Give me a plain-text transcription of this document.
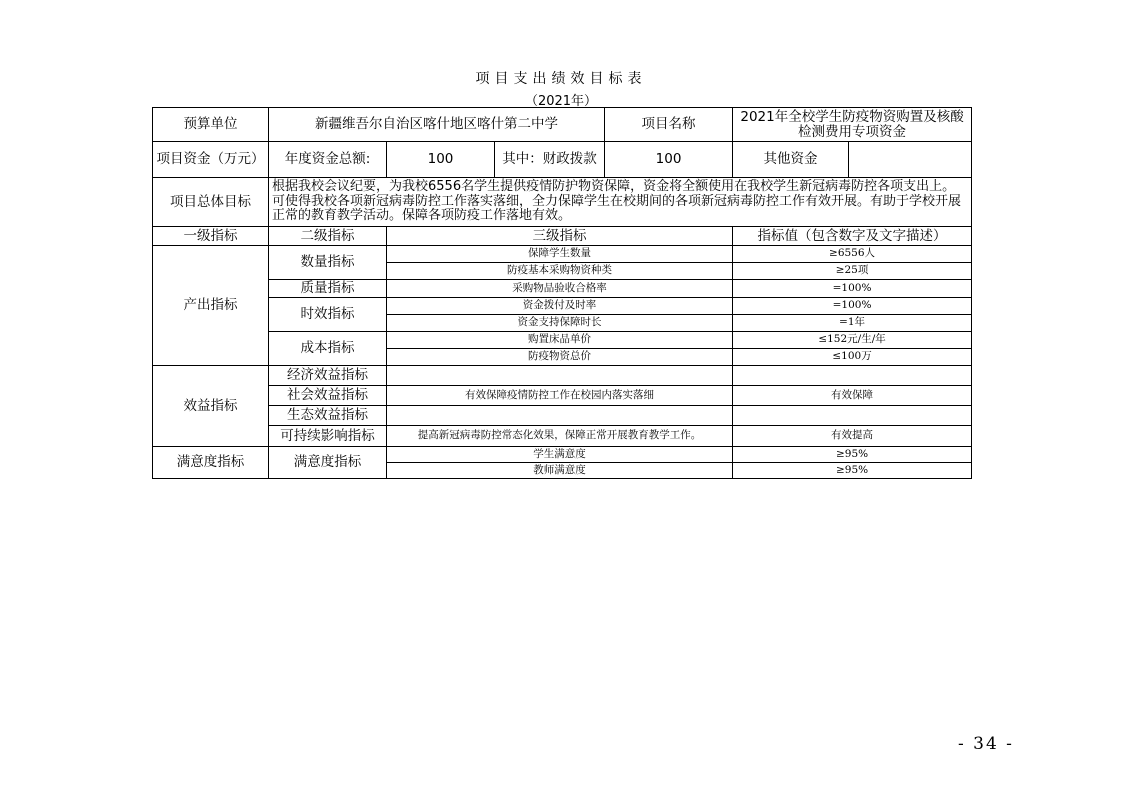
项目支出绩效目标表
（2021年）
预算单位	新疆维吾尔自治区喀什地区喀什第二中学			项目名称	2021年全校学生防疫物资购置及核酸检测费用专项资金	
项目资金（万元）	年度资金总额:	100	其中：财政拨款	100	其他资金	
项目总体目标	根据我校会议纪要，为我校6556名学生提供疫情防护物资保障，资金将全额使用在我校学生新冠病毒防控各项支出上。可使得我校各项新冠病毒防控工作落实落细，全力保障学生在校期间的各项新冠病毒防控工作有效开展。有助于学校开展正常的教育教学活动。保障各项防疫工作落地有效。					
一级指标	二级指标	三级指标			指标值（包含数字及文字描述）	
产出指标	数量指标	保障学生数量			≥6556人	
		防疫基本采购物资种类			≥25项	
	质量指标	采购物品验收合格率			=100%	
	时效指标	资金拨付及时率			=100%	
		资金支持保障时长			=1年	
	成本指标	购置床品单价			≤152元/生/年	
		防疫物资总价			≤100万	
效益指标	经济效益指标					
	社会效益指标	有效保障疫情防控工作在校园内落实落细			有效保障	
	生态效益指标					
	可持续影响指标	提高新冠病毒防控常态化效果，保障正常开展教育教学工作。			有效提高	
满意度指标	满意度指标	学生满意度			≥95%	
		教师满意度			≥95%	
- 34 -
